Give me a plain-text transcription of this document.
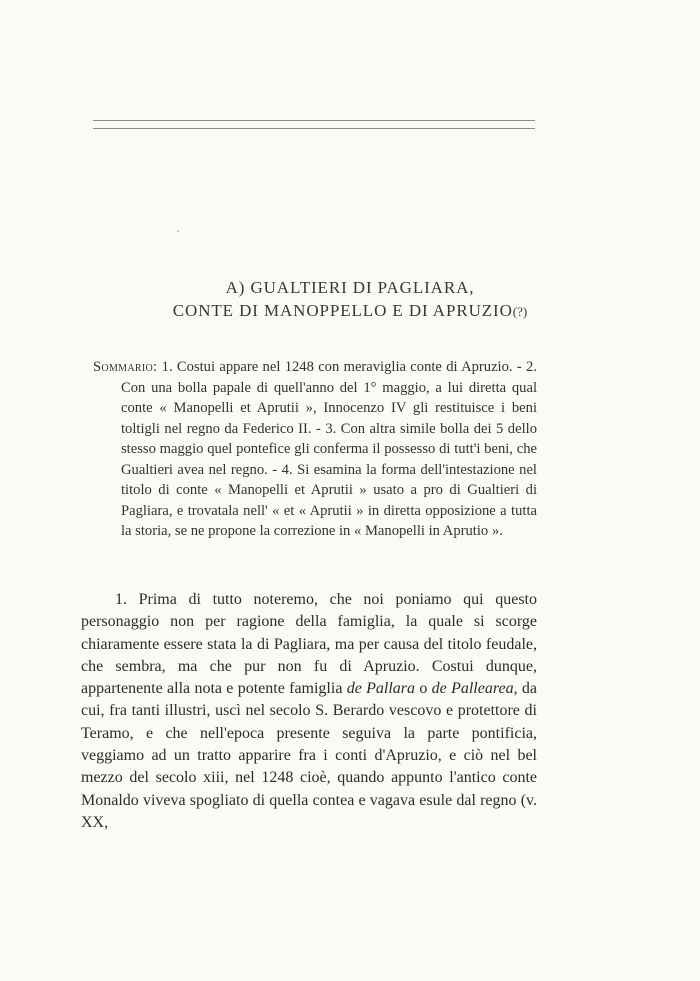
A) GUALTIERI DI PAGLIARA,
CONTE DI MANOPPELLO E DI APRUZIO(?)
Sommario: 1. Costui appare nel 1248 con meraviglia conte di Apruzio. - 2. Con una bolla papale di quell'anno del 1° maggio, a lui diretta qual conte « Manopelli et Aprutii », Innocenzo IV gli restituisce i beni toltigli nel regno da Federico II. - 3. Con altra simile bolla dei 5 dello stesso maggio quel pontefice gli conferma il possesso di tutt'i beni, che Gualtieri avea nel regno. - 4. Si esamina la forma dell'intestazione nel titolo di conte « Manopelli et Aprutii » usato a pro di Gualtieri di Pagliara, e trovatala nell' « et « Aprutii » in diretta opposizione a tutta la storia, se ne propone la correzione in « Manopelli in Aprutio ».

1. Prima di tutto noteremo, che noi poniamo qui questo personaggio non per ragione della famiglia, la quale si scorge chiaramente essere stata la di Pagliara, ma per causa del titolo feudale, che sembra, ma che pur non fu di Apruzio. Costui dunque, appartenente alla nota e potente famiglia de Pallara o de Pallearea, da cui, fra tanti illustri, uscì nel secolo S. Berardo vescovo e protettore di Teramo, e che nell'epoca presente seguiva la parte pontificia, veggiamo ad un tratto apparire fra i conti d'Apruzio, e ciò nel bel mezzo del secolo xiii, nel 1248 cioè, quando appunto l'antico conte Monaldo viveva spogliato di quella contea e vagava esule dal regno (v. XX,
